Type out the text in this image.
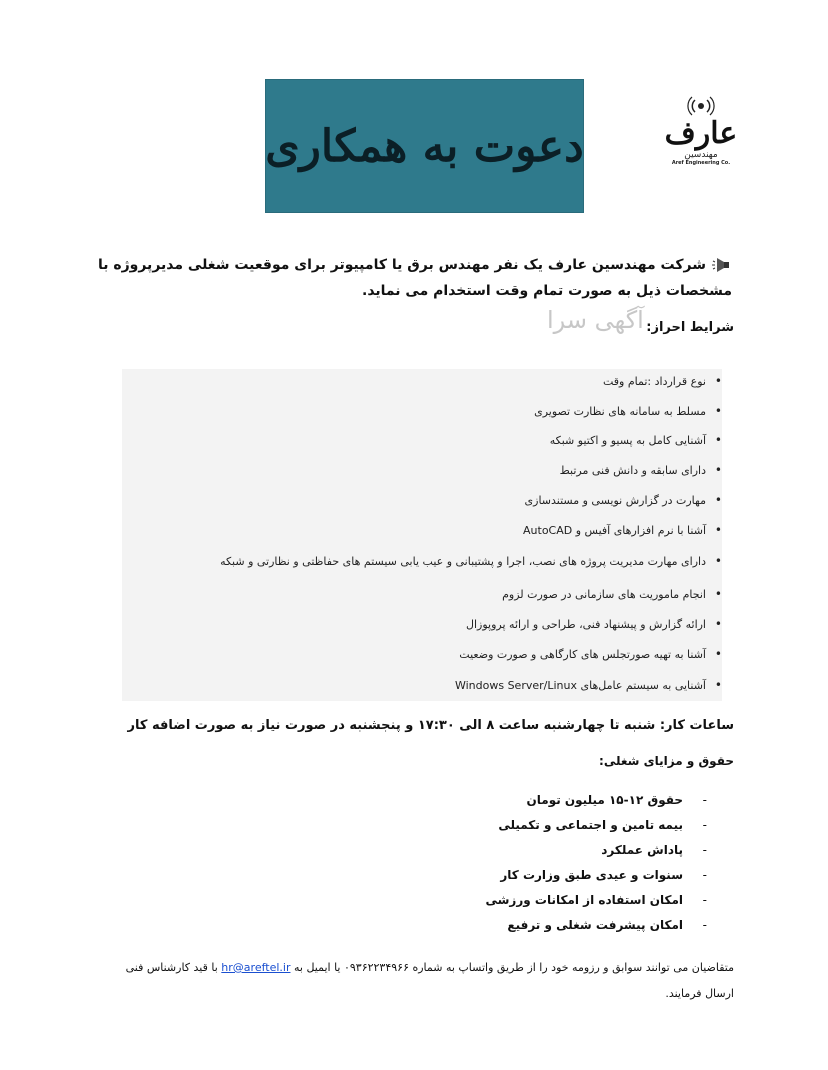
دعوت به همکاری	عارف
مهندسین
Aref Engineering Co.
شرکت مهندسین عارف یک نفر مهندس برق یا کامپیوتر برای موقعیت شغلی مدیرپروژه با مشخصات ذیل به صورت تمام وقت استخدام می نماید.
آگهی سرا شرایط احراز:
نوع قرارداد :تمام وقت •
مسلط به سامانه های نظارت تصویری •
آشنایی کامل به پسیو و اکتیو شبکه •
دارای سابقه و دانش فنی مرتبط •
مهارت در گزارش نویسی و مستندسازی •
آشنا با نرم افزارهای آفیس و AutoCAD •
دارای مهارت مدیریت پروژه های نصب، اجرا و پشتیبانی و عیب یابی سیستم های حفاظتی و نظارتی و شبکه •
انجام ماموریت های سازمانی در صورت لزوم •
ارائه گزارش و پیشنهاد فنی، طراحی و ارائه پروپوزال •
آشنا به تهیه صورتجلس های کارگاهی و صورت وضعیت •
آشنایی به سیستم عامل‌های Windows Server/Linux •
ساعات کار: شنبه تا چهارشنبه ساعت ۸ الی ۱۷:۳۰ و پنجشنبه در صورت نیاز به صورت اضافه کار
حقوق و مزایای شغلی:
-
حقوق ۱۲-۱۵ میلیون تومان
-
بیمه تامین و اجتماعی و تکمیلی
-
پاداش عملکرد
-
سنوات و عیدی طبق وزارت کار
-
امکان استفاده از امکانات ورزشی
-
امکان پیشرفت شغلی و ترفیع
متقاضیان می توانند سوابق و رزومه خود را از طریق واتساپ به شماره ۰۹۳۶۲۲۳۴۹۶۶ یا ایمیل به hr@areftel.ir با قید کارشناس فنی ارسال فرمایند.
